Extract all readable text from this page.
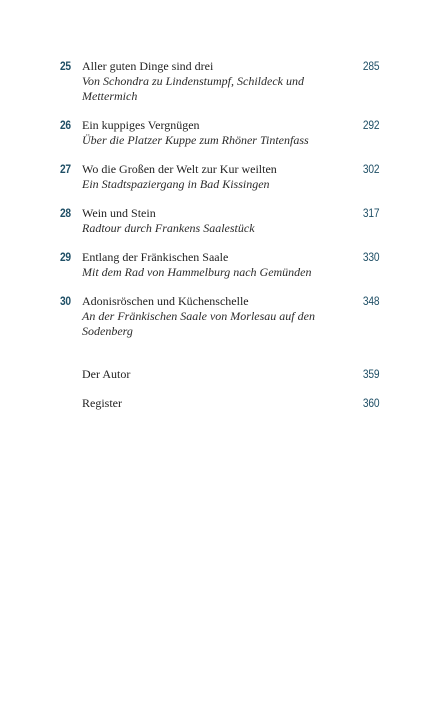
25 Aller guten Dinge sind drei
Von Schondra zu Lindenstumpf, Schildeck und Mettermich
285
26 Ein kuppiges Vergnügen
Über die Platzer Kuppe zum Rhöner Tintenfass
292
27 Wo die Großen der Welt zur Kur weilten
Ein Stadtspaziergang in Bad Kissingen
302
28 Wein und Stein
Radtour durch Frankens Saalestück
317
29 Entlang der Fränkischen Saale
Mit dem Rad von Hammelburg nach Gemünden
330
30 Adonisröschen und Küchenschelle
An der Fränkischen Saale von Morlesau auf den Sodenberg
348
Der Autor	359
Register	360
